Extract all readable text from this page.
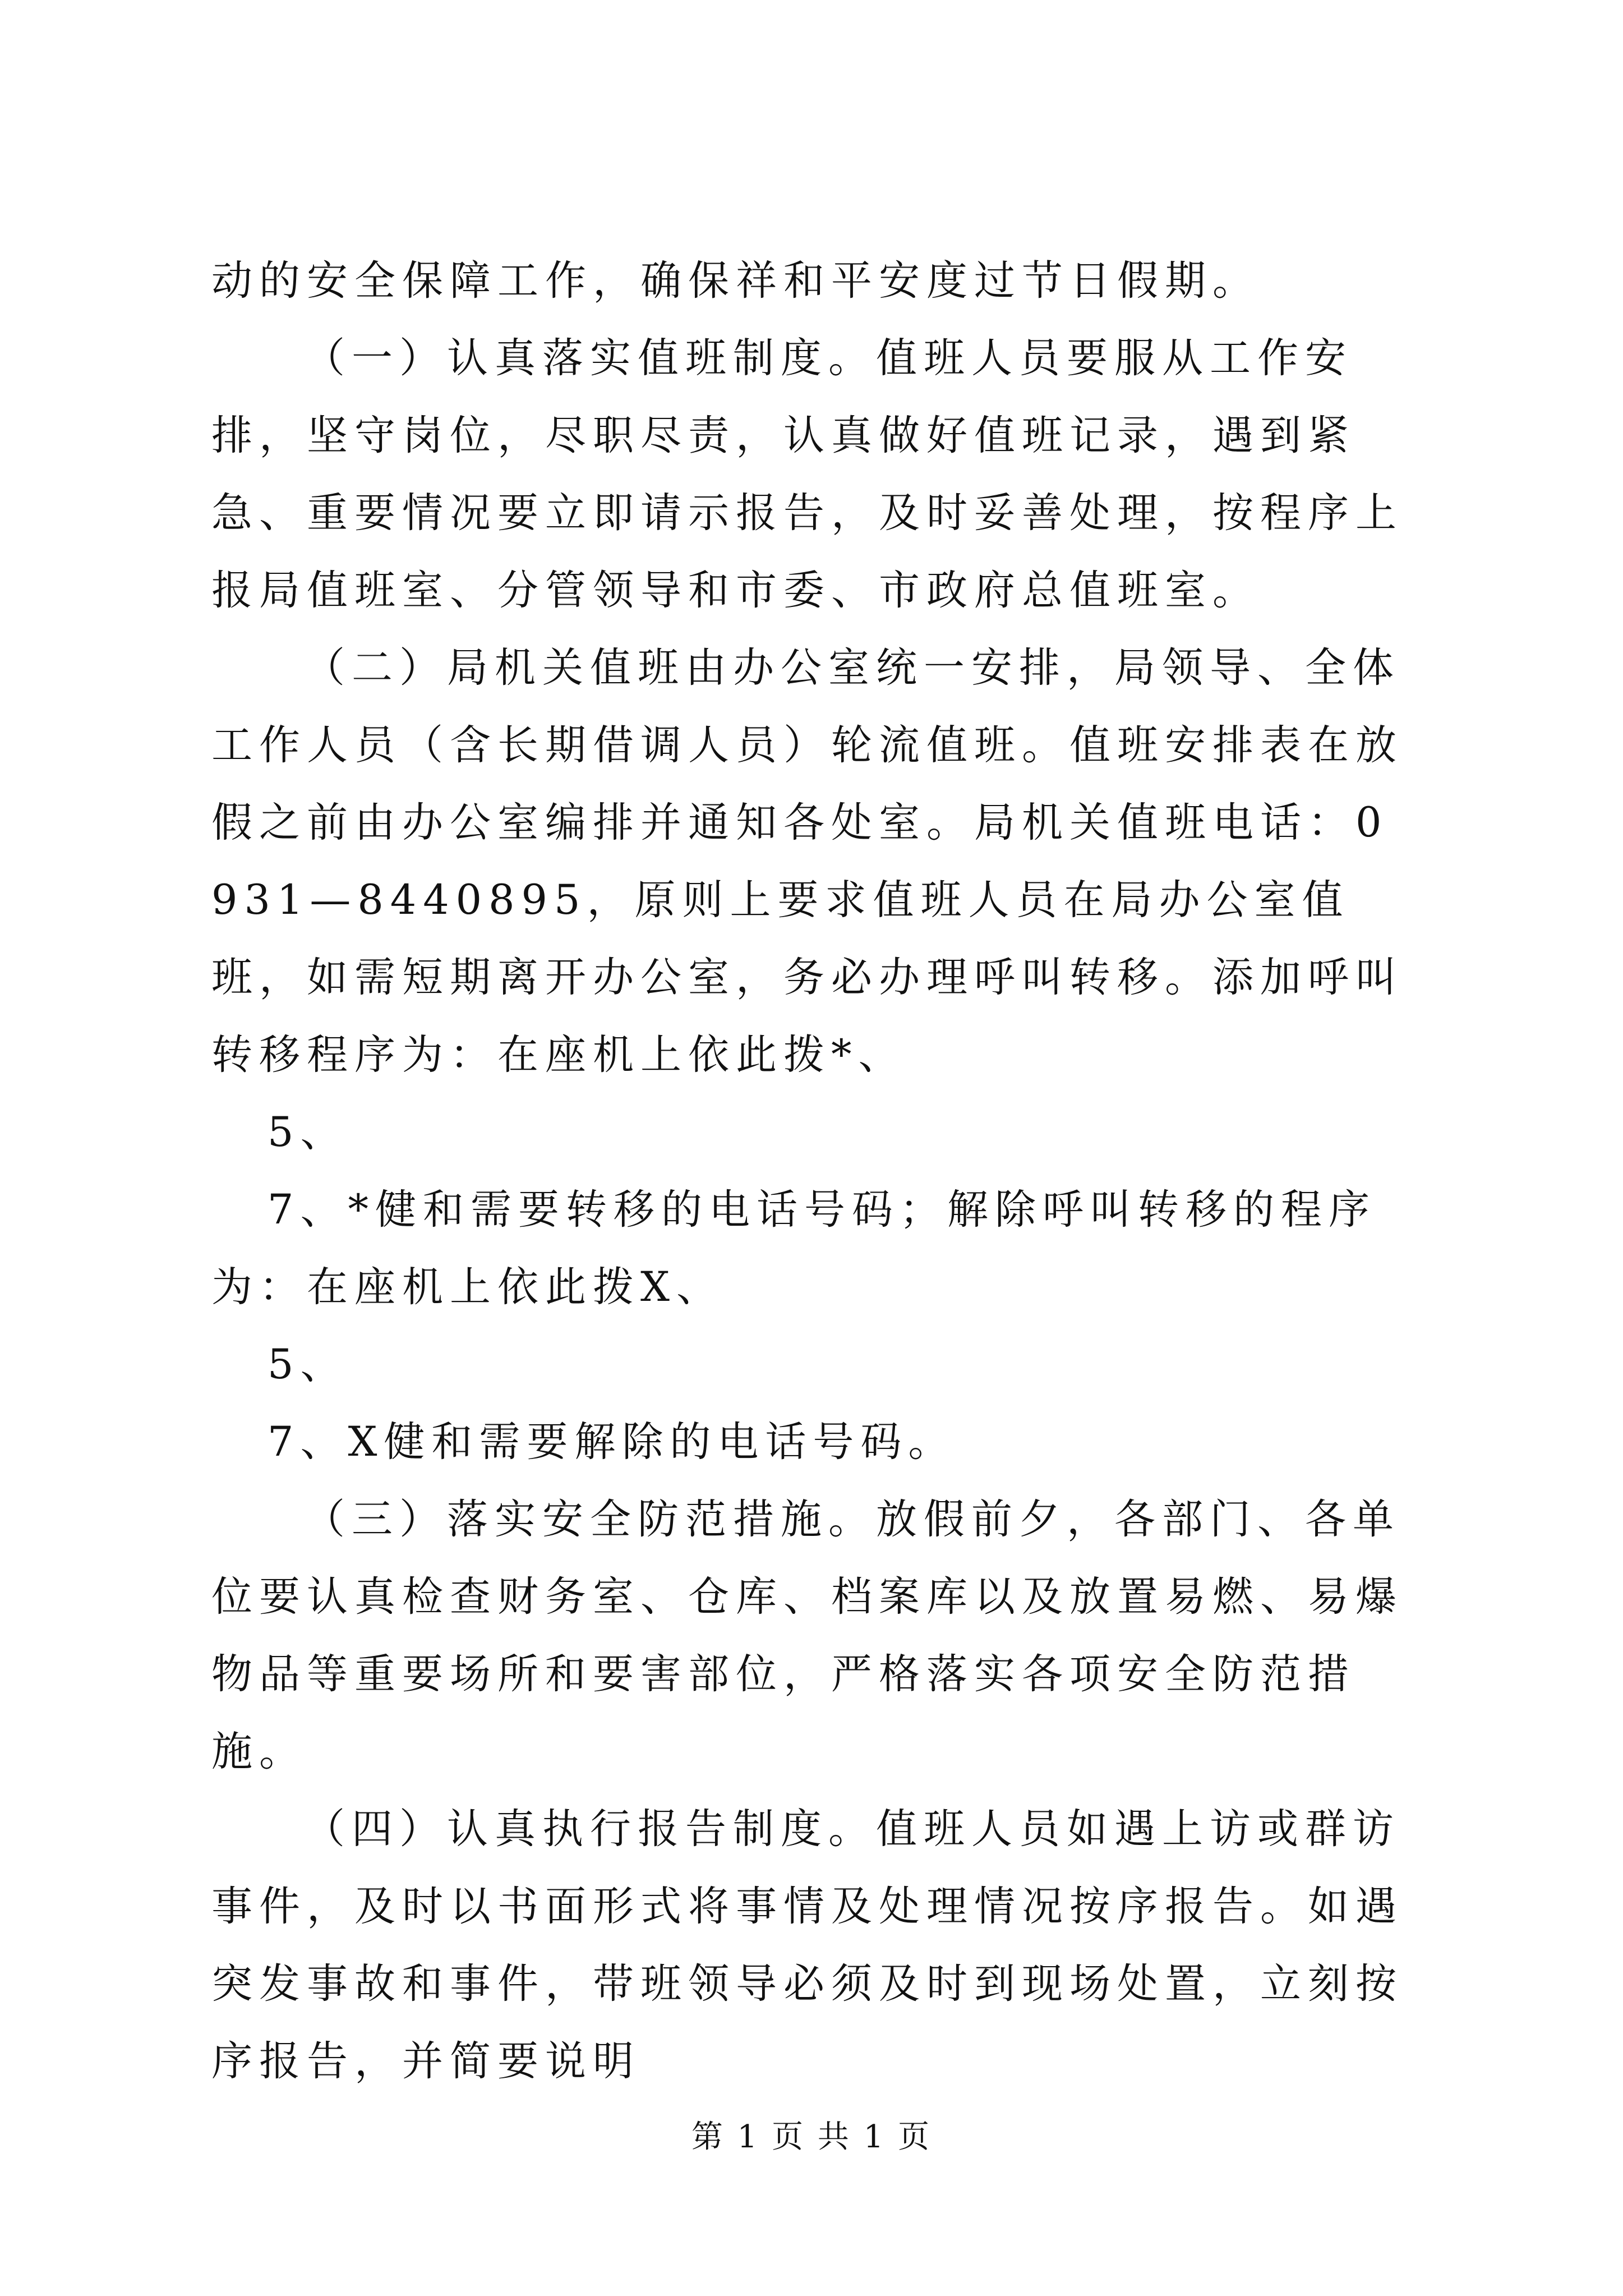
动的安全保障工作，确保祥和平安度过节日假期。

（一）认真落实值班制度。值班人员要服从工作安排，坚守岗位，尽职尽责，认真做好值班记录，遇到紧急、重要情况要立即请示报告，及时妥善处理，按程序上报局值班室、分管领导和市委、市政府总值班室。

（二）局机关值班由办公室统一安排，局领导、全体工作人员（含长期借调人员）轮流值班。值班安排表在放假之前由办公室编排并通知各处室。局机关值班电话：0931—8440895，原则上要求值班人员在局办公室值班，如需短期离开办公室，务必办理呼叫转移。添加呼叫转移程序为：在座机上依此拨*、

5、

7、*健和需要转移的电话号码；解除呼叫转移的程序为：在座机上依此拨X、

5、

7、X健和需要解除的电话号码。

（三）落实安全防范措施。放假前夕，各部门、各单位要认真检查财务室、仓库、档案库以及放置易燃、易爆物品等重要场所和要害部位，严格落实各项安全防范措施。

（四）认真执行报告制度。值班人员如遇上访或群访事件，及时以书面形式将事情及处理情况按序报告。如遇突发事故和事件，带班领导必须及时到现场处置，立刻按序报告，并简要说明

第 1 页 共 1 页
